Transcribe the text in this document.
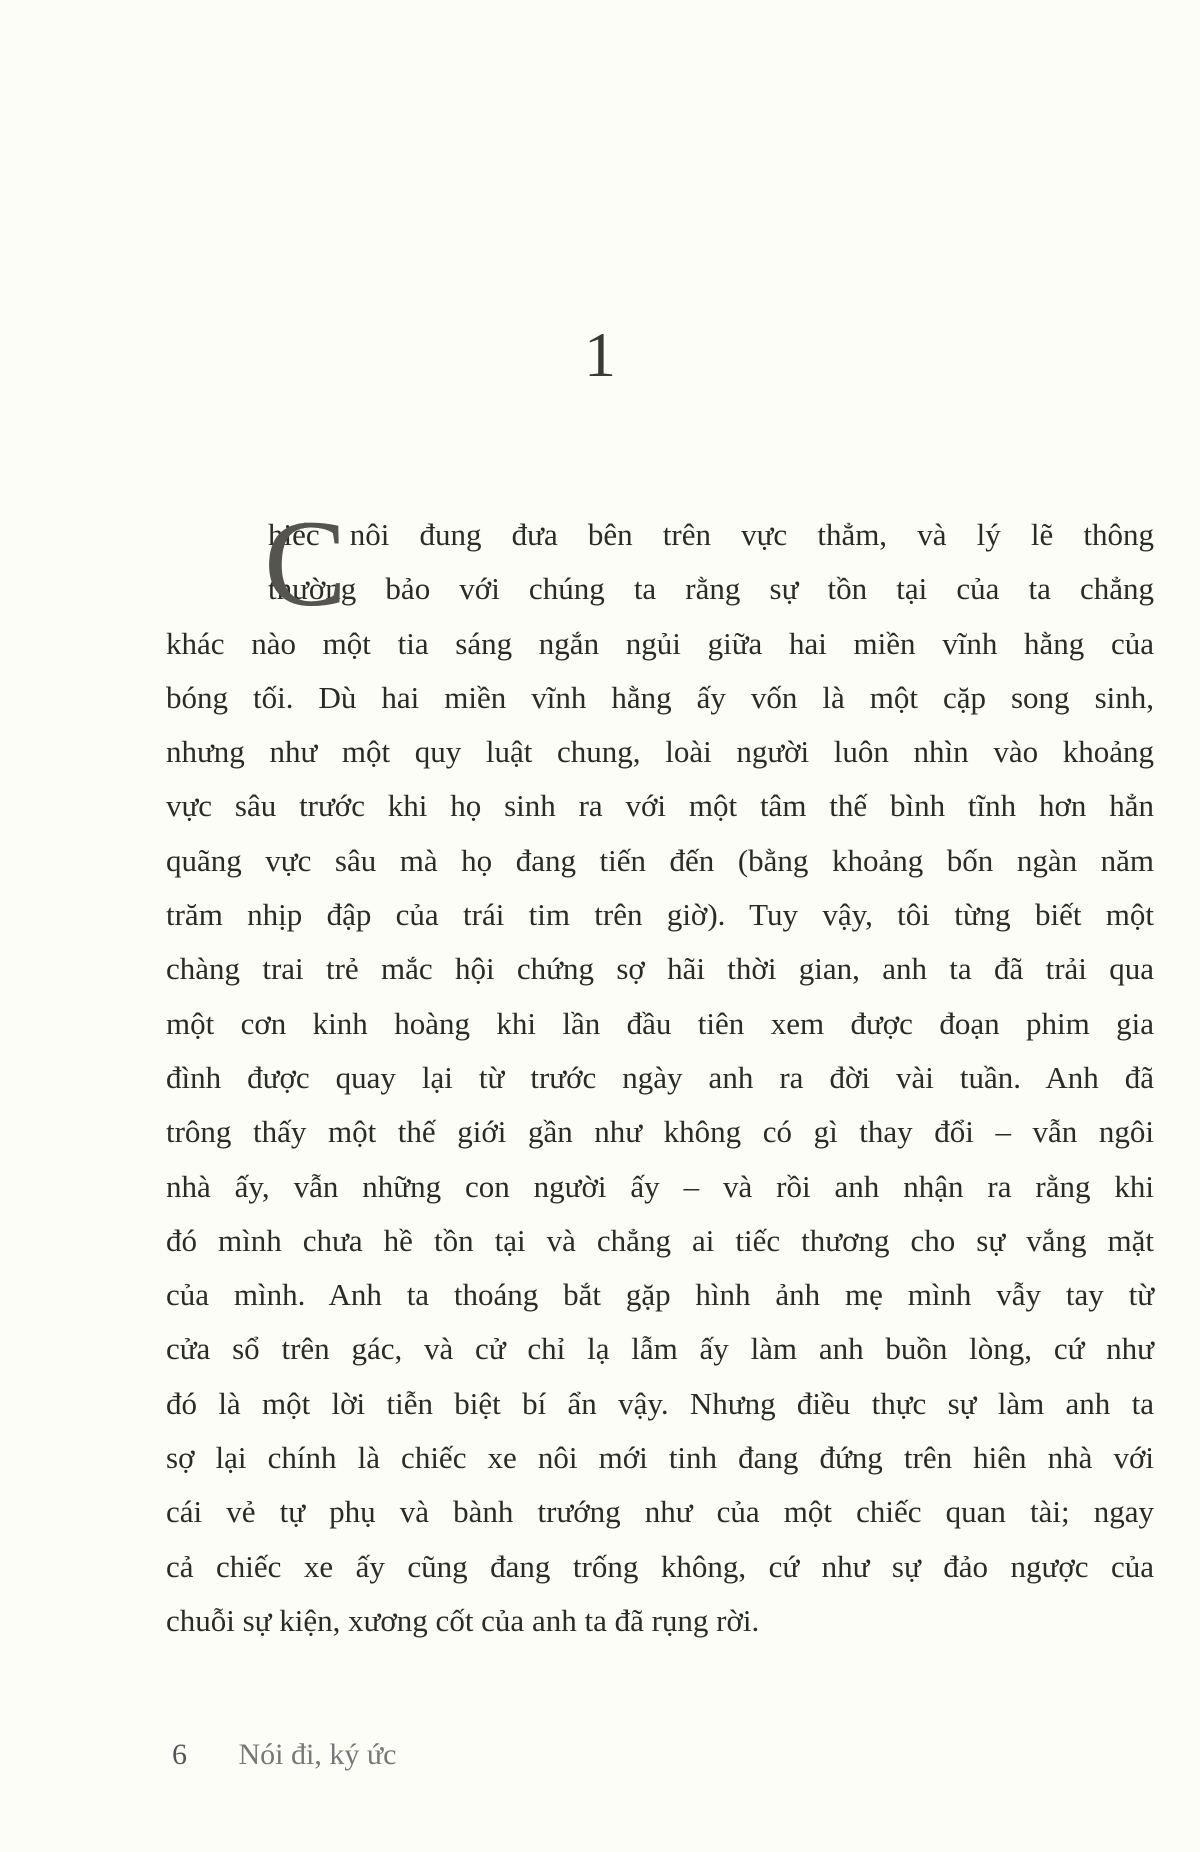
1
C
hiếc nôi đung đưa bên trên vực thẳm, và lý lẽ thông
thường bảo với chúng ta rằng sự tồn tại của ta chẳng
khác nào một tia sáng ngắn ngủi giữa hai miền vĩnh hằng của
bóng tối. Dù hai miền vĩnh hằng ấy vốn là một cặp song sinh,
nhưng như một quy luật chung, loài người luôn nhìn vào khoảng
vực sâu trước khi họ sinh ra với một tâm thế bình tĩnh hơn hẳn
quãng vực sâu mà họ đang tiến đến (bằng khoảng bốn ngàn năm
trăm nhịp đập của trái tim trên giờ). Tuy vậy, tôi từng biết một
chàng trai trẻ mắc hội chứng sợ hãi thời gian, anh ta đã trải qua
một cơn kinh hoàng khi lần đầu tiên xem được đoạn phim gia
đình được quay lại từ trước ngày anh ra đời vài tuần. Anh đã
trông thấy một thế giới gần như không có gì thay đổi – vẫn ngôi
nhà ấy, vẫn những con người ấy – và rồi anh nhận ra rằng khi
đó mình chưa hề tồn tại và chẳng ai tiếc thương cho sự vắng mặt
của mình. Anh ta thoáng bắt gặp hình ảnh mẹ mình vẫy tay từ
cửa sổ trên gác, và cử chỉ lạ lẫm ấy làm anh buồn lòng, cứ như
đó là một lời tiễn biệt bí ẩn vậy. Nhưng điều thực sự làm anh ta
sợ lại chính là chiếc xe nôi mới tinh đang đứng trên hiên nhà với
cái vẻ tự phụ và bành trướng như của một chiếc quan tài; ngay
cả chiếc xe ấy cũng đang trống không, cứ như sự đảo ngược của
chuỗi sự kiện, xương cốt của anh ta đã rụng rời.
6 Nói đi, ký ức
